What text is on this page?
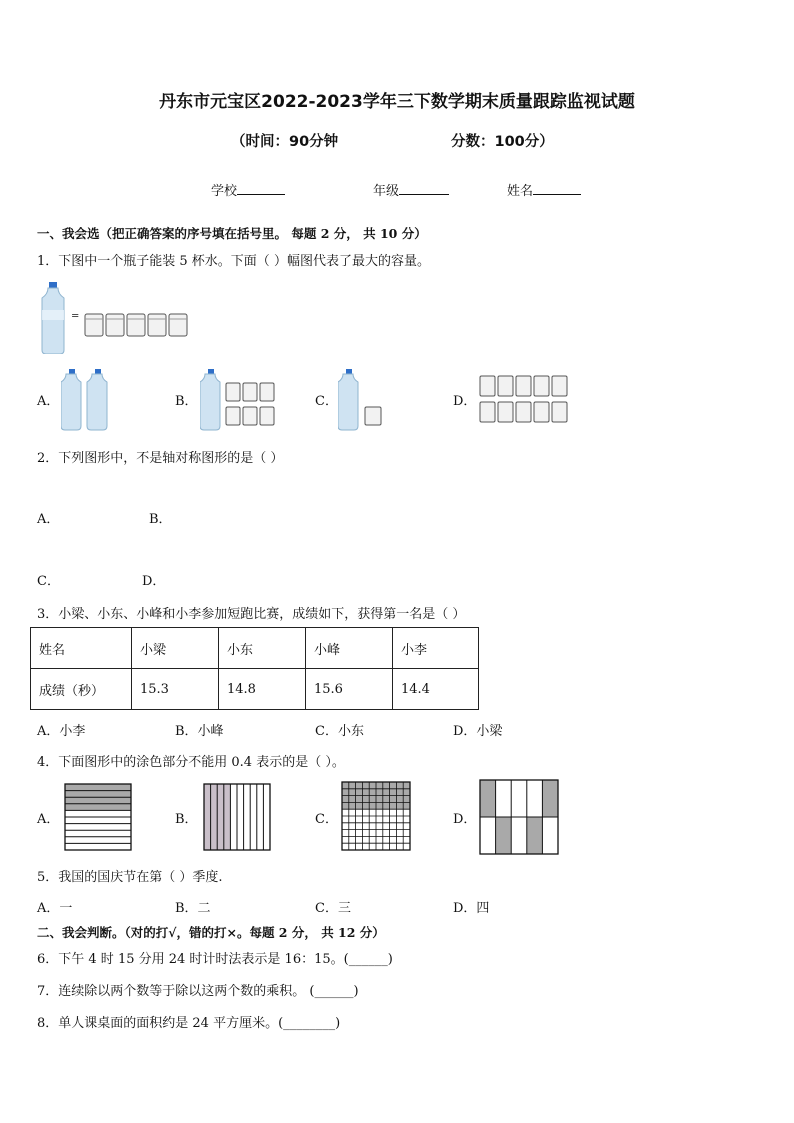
丹东市元宝区2022-2023学年三下数学期末质量跟踪监视试题
（时间：90分钟	分数：100分）
学校	年级	姓名
一、我会选（把正确答案的序号填在括号里。 每题 2 分， 共 10 分）
1．下图中一个瓶子能装 5 杯水。下面（ ）幅图代表了最大的容量。
=
A．	B．	C．	D．
2．下列图形中，不是轴对称图形的是（ ）
A．	B．
C．	D．
3．小梁、小东、小峰和小李参加短跑比赛，成绩如下，获得第一名是（ ）
姓名	小梁	小东	小峰	小李
成绩（秒）	15.3	14.8	15.6	14.4
A．小李	B．小峰	C．小东	D．小梁
4．下面图形中的涂色部分不能用 0.4 表示的是（ ）。
A．	B．	C．	D．
5．我国的国庆节在第（ ）季度.
A．一	B．二	C．三	D．四
二、我会判断。（对的打√，错的打×。每题 2 分， 共 12 分）
6．下午 4 时 15 分用 24 时计时法表示是 16：15。(______)
7．连续除以两个数等于除以这两个数的乘积。 (______)
8．单人课桌面的面积约是 24 平方厘米。(________)
